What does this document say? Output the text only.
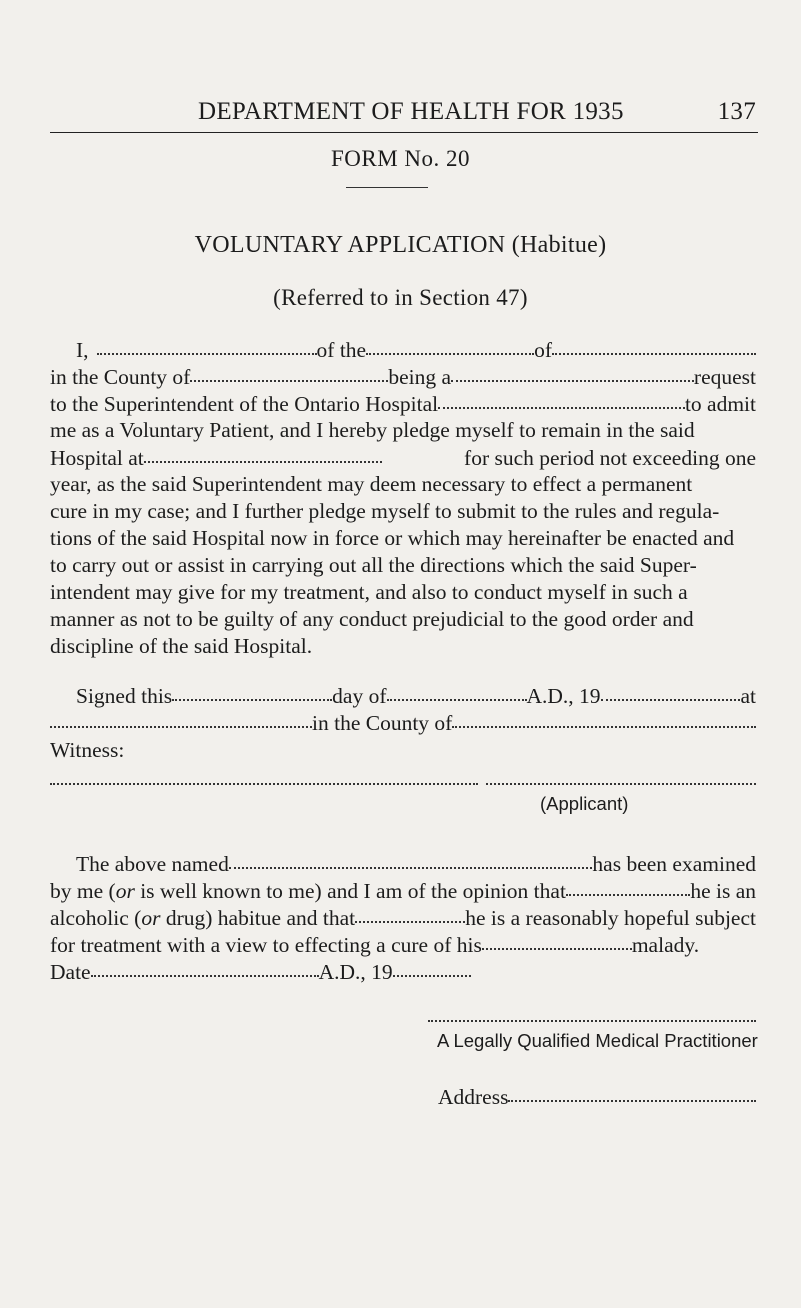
DEPARTMENT OF HEALTH FOR 1935	137
FORM No. 20
VOLUNTARY APPLICATION (Habitue)
(Referred to in Section 47)
I,	of the	of
in the County of	being a	request
to the Superintendent of the Ontario Hospital	to admit
me as a Voluntary Patient, and I hereby pledge myself to remain in the said
Hospital at	for such period not exceeding one
year, as the said Superintendent may deem necessary to effect a permanent
cure in my case; and I further pledge myself to submit to the rules and regula-
tions of the said Hospital now in force or which may hereinafter be enacted and
to carry out or assist in carrying out all the directions which the said Super-
intendent may give for my treatment, and also to conduct myself in such a
manner as not to be guilty of any conduct prejudicial to the good order and
discipline of the said Hospital.
Signed this	day of	A.D., 19	at
in the County of
Witness:
(Applicant)
The above named	has been examined
by me ( or is well known to me) and I am of the opinion that	he is an
alcoholic ( or drug) habitue and that	he is a reasonably hopeful subject
for treatment with a view to effecting a cure of his	malady.
Date	A.D., 19
A Legally Qualified Medical Practitioner
Address
